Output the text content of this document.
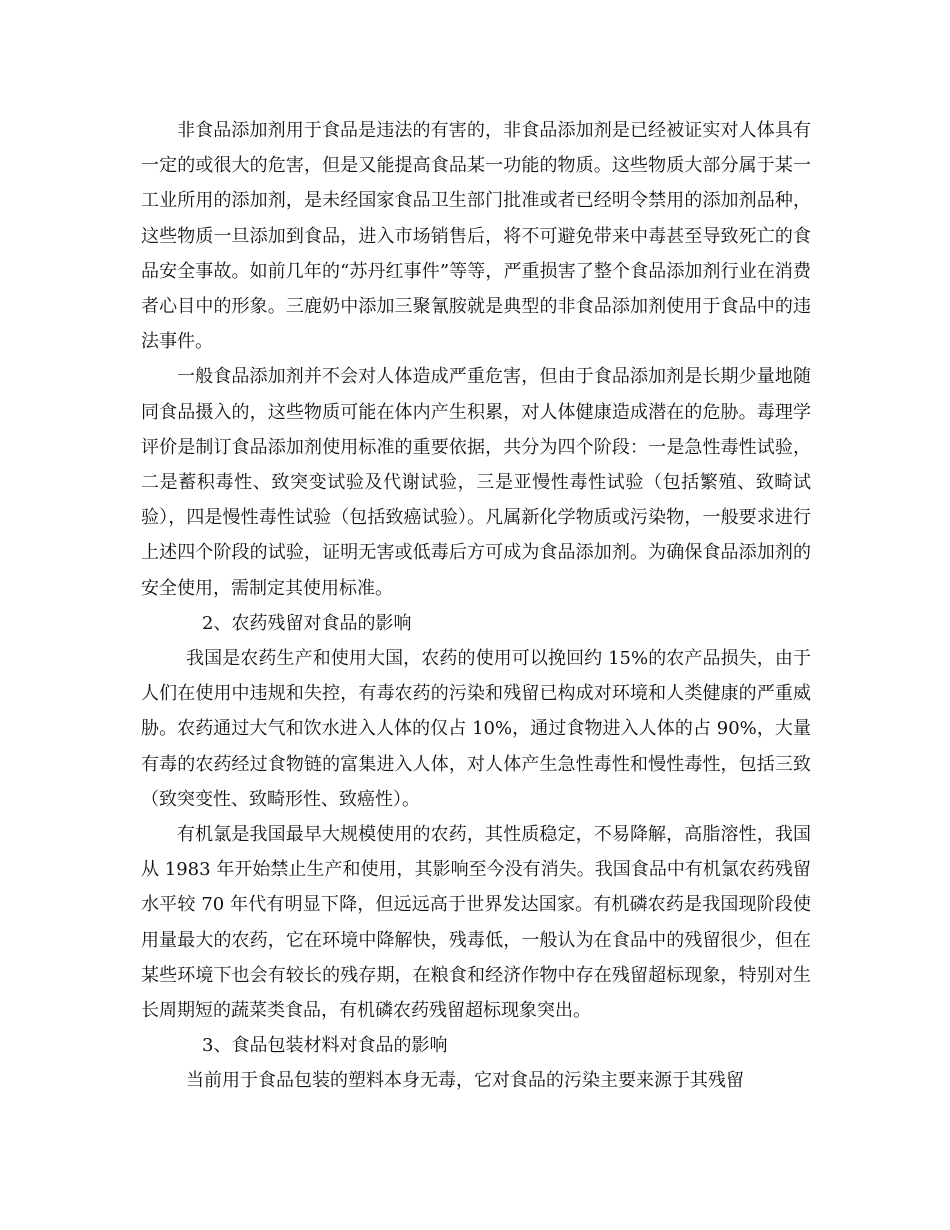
非食品添加剂用于食品是违法的有害的，非食品添加剂是已经被证实对人体具有一定的或很大的危害，但是又能提高食品某一功能的物质。这些物质大部分属于某一工业所用的添加剂，是未经国家食品卫生部门批准或者已经明令禁用的添加剂品种，这些物质一旦添加到食品，进入市场销售后，将不可避免带来中毒甚至导致死亡的食品安全事故。如前几年的“苏丹红事件”等等，严重损害了整个食品添加剂行业在消费者心目中的形象。三鹿奶中添加三聚氰胺就是典型的非食品添加剂使用于食品中的违法事件。

一般食品添加剂并不会对人体造成严重危害，但由于食品添加剂是长期少量地随同食品摄入的，这些物质可能在体内产生积累，对人体健康造成潜在的危胁。毒理学评价是制订食品添加剂使用标准的重要依据，共分为四个阶段：一是急性毒性试验，二是蓄积毒性、致突变试验及代谢试验，三是亚慢性毒性试验（包括繁殖、致畸试验），四是慢性毒性试验（包括致癌试验）。凡属新化学物质或污染物，一般要求进行上述四个阶段的试验，证明无害或低毒后方可成为食品添加剂。为确保食品添加剂的安全使用，需制定其使用标准。

2、农药残留对食品的影响

我国是农药生产和使用大国，农药的使用可以挽回约 15%的农产品损失，由于人们在使用中违规和失控，有毒农药的污染和残留已构成对环境和人类健康的严重威胁。农药通过大气和饮水进入人体的仅占 10%，通过食物进入人体的占 90%，大量有毒的农药经过食物链的富集进入人体，对人体产生急性毒性和慢性毒性，包括三致（致突变性、致畸形性、致癌性）。

有机氯是我国最早大规模使用的农药，其性质稳定，不易降解，高脂溶性，我国从 1983 年开始禁止生产和使用，其影响至今没有消失。我国食品中有机氯农药残留水平较 70 年代有明显下降，但远远高于世界发达国家。有机磷农药是我国现阶段使用量最大的农药，它在环境中降解快，残毒低，一般认为在食品中的残留很少，但在某些环境下也会有较长的残存期，在粮食和经济作物中存在残留超标现象，特别对生长周期短的蔬菜类食品，有机磷农药残留超标现象突出。

3、食品包装材料对食品的影响

当前用于食品包装的塑料本身无毒，它对食品的污染主要来源于其残留
